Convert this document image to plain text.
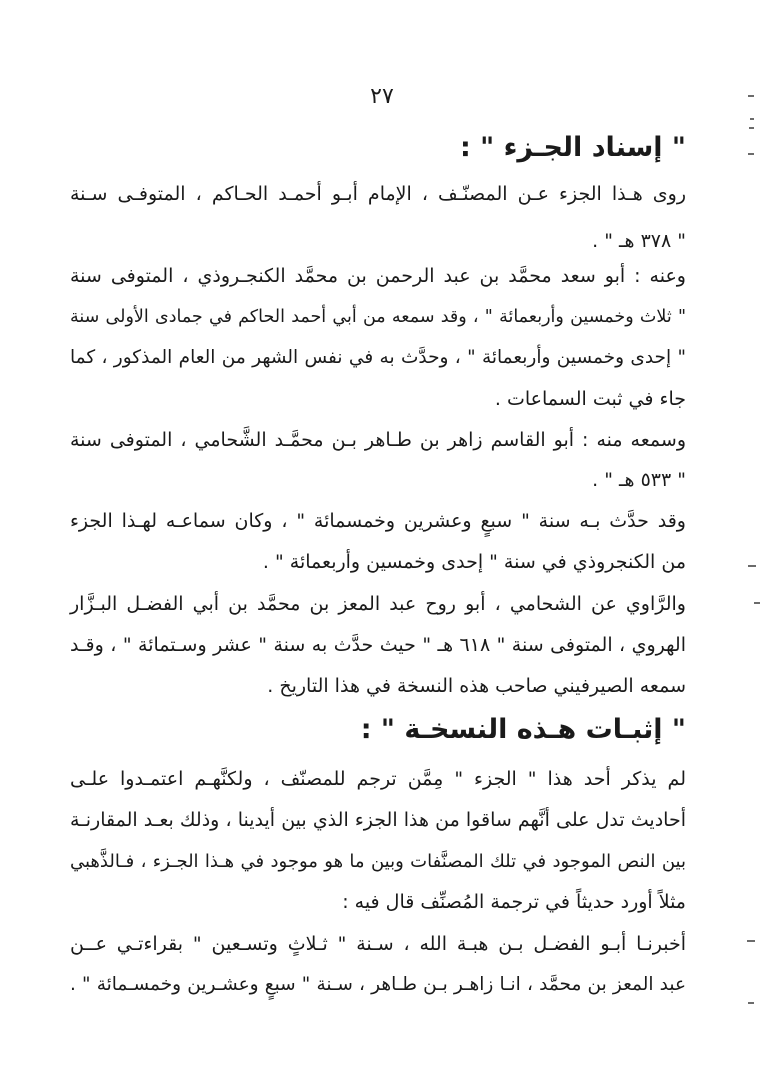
٢٧
" إسناد الجـزء " :
روى هـذا الجزء عـن المصنّـف ، الإمام أبـو أحمـد الحـاكم ، المتوفـى سـنة
" ٣٧٨ هـ " .
وعنه : أبو سعد محمَّد بن عبد الرحمن بن محمَّد الكنجـروذي ، المتوفى سنة
" ثلاث وخمسين وأربعمائة " ، وقد سمعه من أبي أحمد الحاكم في جمادى الأولى سنة
" إحدى وخمسين وأربعمائة " ، وحدَّث به في نفس الشهر من العام المذكور ، كما
جاء في ثبت السماعات .
وسمعه منه : أبو القاسم زاهر بن طـاهر بـن محمَّـد الشَّحامي ، المتوفى سنة
" ٥٣٣ هـ " .
وقد حدَّث بـه سنة " سبعٍ وعشرين وخمسمائة " ، وكان سماعـه لهـذا الجزء
من الكنجروذي في سنة " إحدى وخمسين وأربعمائة " .
والرَّاوي عن الشحامي ، أبو روح عبد المعز بن محمَّد بن أبي الفضـل البـزَّار
الهروي ، المتوفى سنة " ٦١٨ هـ " حيث حدَّث به سنة " عشر وسـتمائة " ، وقـد
سمعه الصيرفيني صاحب هذه النسخة في هذا التاريخ .
" إثبـات هـذه النسخـة " :
لم يذكر أحد هذا " الجزء " مِمَّن ترجم للمصنّف ، ولكنَّهـم اعتمـدوا علـى
أحاديث تدل على أنَّهم ساقوا من هذا الجزء الذي بين أيدينا ، وذلك بعـد المقارنـة
بين النص الموجود في تلك المصنَّفات وبين ما هو موجود في هـذا الجـزء ، فـالذَّهبي
مثلاً أورد حديثاً في ترجمة المُصنِّف قال فيه :
أخبرنـا أبـو الفضـل بـن هبـة الله ، سـنة " ثـلاثٍ وتسـعين " بقراءتـي عــن
عبد المعز بن محمَّد ، انـا زاهـر بـن طـاهر ، سـنة " سبعٍ وعشـرين وخمسـمائة " .
